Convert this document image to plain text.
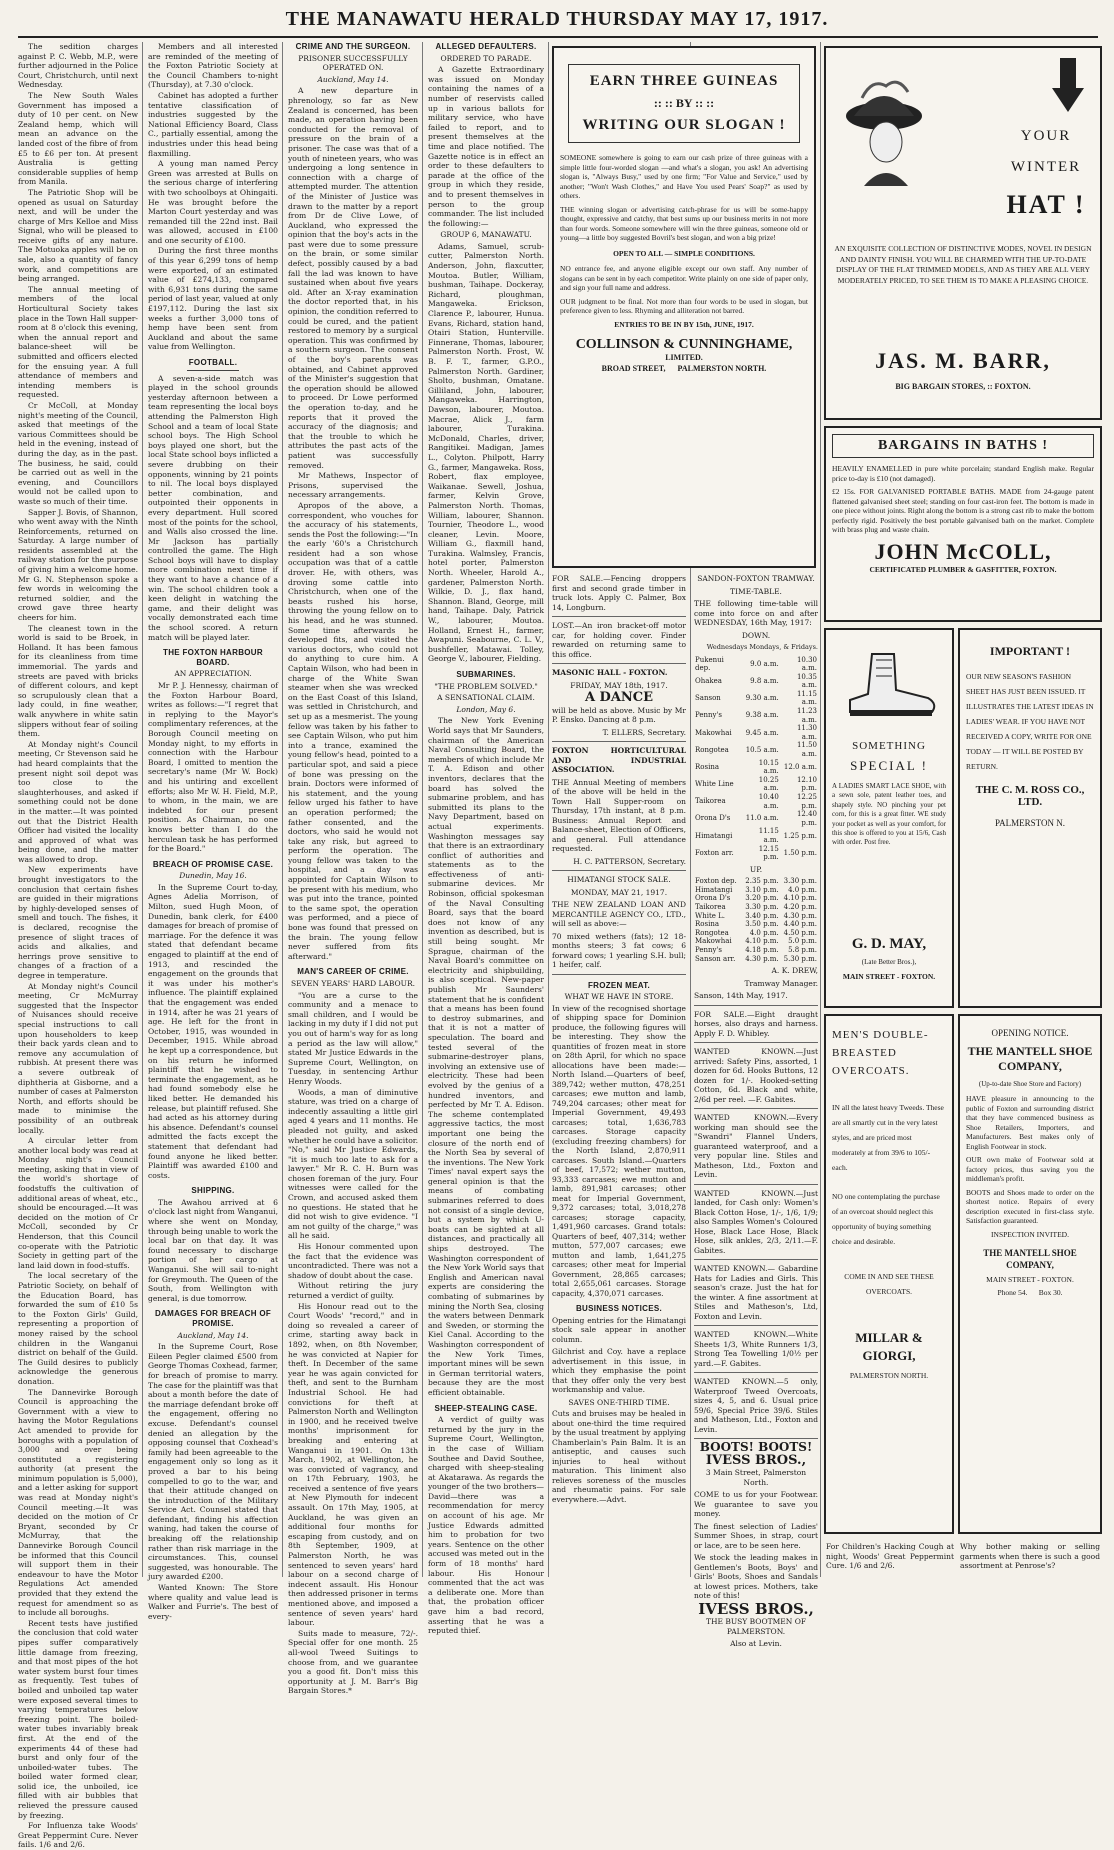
THE MANAWATU HERALD THURSDAY MAY 17, 1917.

The sedition charges against P. C. Webb, M.P., were further adjourned in the Police Court, Christchurch, until next Wednesday.

The New South Wales Government has imposed a duty of 10 per cent. on New Zealand hemp, which will mean an advance on the landed cost of the fibre of from £5 to £6 per ton. At present Australia is getting considerable supplies of hemp from Manila.

The Patriotic Shop will be opened as usual on Saturday next, and will be under the charge of Mrs Kelloe and Miss Signal, who will be pleased to receive gifts of any nature. The Motuoka apples will be on sale, also a quantity of fancy work, and competitions are being arranged.

The annual meeting of members of the local Horticultural Society takes place in the Town Hall supper-room at 8 o'clock this evening, when the annual report and balance-sheet will be submitted and officers elected for the ensuing year. A full attendance of members and intending members is requested.

Cr McColl, at Monday night's meeting of the Council, asked that meetings of the various Committees should be held in the evening, instead of during the day, as in the past. The business, he said, could be carried out as well in the evening, and Councillors would not be called upon to waste so much of their time.

Sapper J. Bovis, of Shannon, who went away with the Ninth Reinforcements, returned on Saturday. A large number of residents assembled at the railway station for the purpose of giving him a welcome home. Mr G. N. Stephenson spoke a few words in welcoming the returned soldier, and the crowd gave three hearty cheers for him.

The cleanest town in the world is said to be Broek, in Holland. It has been famous for its cleanliness from time immemorial. The yards and streets are paved with bricks of different colours, and kept so scrupulously clean that a lady could, in fine weather, walk anywhere in white satin slippers without fear of soiling them.

At Monday night's Council meeting, Cr Stevenson said he had heard complaints that the present night soil depot was too close to the slaughterhouses, and asked if something could not be done in the matter.—It was pointed out that the District Health Officer had visited the locality and approved of what was being done, and the matter was allowed to drop.

New experiments have brought investigators to the conclusion that certain fishes are guided in their migrations by highly-developed senses of smell and touch. The fishes, it is declared, recognise the presence of slight traces of acids and alkalies, and herrings prove sensitive to changes of a fraction of a degree in temperature.

At Monday night's Council meeting, Cr McMurray suggested that the Inspector of Nuisances should receive special instructions to call upon householders to keep their back yards clean and to remove any accumulation of rubbish. At present there was a severe outbreak of diphtheria at Gisborne, and a number of cases at Palmerston North, and efforts should be made to minimise the possibility of an outbreak locally.

A circular letter from another local body was read at Monday night's Council meeting, asking that in view of the world's shortage of foodstuffs the cultivation of additional areas of wheat, etc., should be encouraged.—It was decided on the motion of Cr McColl, seconded by Cr Henderson, that this Council co-operate with the Patriotic Society in getting part of the land laid down in food-stuffs.

The local secretary of the Patriotic Society, on behalf of the Education Board, has forwarded the sum of £10 5s to the Foxton Girls' Guild, representing a proportion of money raised by the school children in the Wanganui district on behalf of the Guild. The Guild desires to publicly acknowledge the generous donation.

The Dannevirke Borough Council is approaching the Government with a view to having the Motor Regulations Act amended to provide for boroughs with a population of 3,000 and over being constituted a registering authority (at present the minimum population is 5,000), and a letter asking for support was read at Monday night's Council meeting.—It was decided on the motion of Cr Bryant, seconded by Cr McMurray, that the Dannevirke Borough Council be informed that this Council will support them in their endeavour to have the Motor Regulations Act amended provided that they extend the request for amendment so as to include all boroughs.

Recent tests have justified the conclusion that cold water pipes suffer comparatively little damage from freezing, and that most pipes of the hot water system burst four times as frequently. Test tubes of boiled and unboiled tap water were exposed several times to varying temperatures below freezing point. The boiled-water tubes invariably break first. At the end of the experiments 44 of these had burst and only four of the unboiled-water tubes. The boiled water formed clear, solid ice, the unboiled, ice filled with air bubbles that relieved the pressure caused by freezing.

For Influenza take Woods' Great Peppermint Cure. Never fails. 1/6 and 2/6.

Members and all interested are reminded of the meeting of the Foxton Patriotic Society at the Council Chambers to-night (Thursday), at 7.30 o'clock.

Cabinet has adopted a further tentative classification of industries suggested by the National Efficiency Board, Class C., partially essential, among the industries under this head being flaxmilling.

A young man named Percy Green was arrested at Bulls on the serious charge of interfering with two schoolboys at Ohingaiti. He was brought before the Marton Court yesterday and was remanded till the 22nd inst. Bail was allowed, accused in £100 and one security of £100.

During the first three months of this year 6,299 tons of hemp were exported, of an estimated value of £274,133, compared with 6,931 tons during the same period of last year, valued at only £197,112. During the last six weeks a further 3,000 tons of hemp have been sent from Auckland and about the same value from Wellington.

FOOTBALL.

A seven-a-side match was played in the school grounds yesterday afternoon between a team representing the local boys attending the Palmerston High School and a team of local State school boys. The High School boys played one short, but the local State school boys inflicted a severe drubbing on their opponents, winning by 21 points to nil. The local boys displayed better combination, and outpointed their opponents in every department. Hull scored most of the points for the school, and Walls also crossed the line. Mr Jackson has partially controlled the game. The High School boys will have to display more combination next time if they want to have a chance of a win. The school children took a keen delight in watching the game, and their delight was vocally demonstrated each time the school scored. A return match will be played later.

THE FOXTON HARBOUR BOARD.
AN APPRECIATION.

Mr P. J. Hennessy, chairman of the Foxton Harbour Board, writes as follows:—"I regret that in replying to the Mayor's complimentary references, at the Borough Council meeting on Monday night, to my efforts in connection with the Harbour Board, I omitted to mention the secretary's name (Mr W. Bock) and his untiring and excellent efforts; also Mr W. H. Field, M.P., to whom, in the main, we are indebted for our present position. As Chairman, no one knows better than I do the herculean task he has performed for the Board."

BREACH OF PROMISE CASE.
Dunedin, May 16.

In the Supreme Court to-day, Agnes Adelia Morrison, of Milton, sued Hugh Moon, of Dunedin, bank clerk, for £400 damages for breach of promise of marriage. For the defence it was stated that defendant became engaged to plaintiff at the end of 1913, and rescinded the engagement on the grounds that it was under his mother's influence. The plaintiff explained that the engagement was ended in 1914, after he was 21 years of age. He left for the front in October, 1915, was wounded in December, 1915. While abroad he kept up a correspondence, but on his return he informed plaintiff that he wished to terminate the engagement, as he had found somebody else he liked better. He demanded his release, but plaintiff refused. She had acted as his attorney during his absence. Defendant's counsel admitted the facts except the statement that defendant had found anyone he liked better. Plaintiff was awarded £100 and costs.

SHIPPING.

The Awahou arrived at 6 o'clock last night from Wanganui, where she went on Monday, through being unable to work the local bar on that day. It was found necessary to discharge portion of her cargo at Wanganui. She will sail to-night for Greymouth. The Queen of the South, from Wellington with general, is due tomorrow.

DAMAGES FOR BREACH OF PROMISE.
Auckland, May 14.

In the Supreme Court, Rose Eileen Pegler claimed £500 from George Thomas Coxhead, farmer, for breach of promise to marry. The case for the plaintiff was that about a month before the date of the marriage defendant broke off the engagement, offering no excuse. Defendant's counsel denied an allegation by the opposing counsel that Coxhead's family had been agreeable to the engagement only so long as it proved a bar to his being compelled to go to the war, and that their attitude changed on the introduction of the Military Service Act. Counsel stated that defendant, finding his affection waning, had taken the course of breaking off the relationship rather than risk marriage in the circumstances. This, counsel suggested, was honourable. The jury awarded £200.

Wanted Known: The Store where quality and value lead is Walker and Furrie's. The best of every-

CRIME AND THE SURGEON.
PRISONER SUCCESSFULLY OPERATED ON.
Auckland, May 14.

A new departure in phrenology, so far as New Zealand is concerned, has been made, an operation having been conducted for the removal of pressure on the brain of a prisoner. The case was that of a youth of nineteen years, who was undergoing a long sentence in connection with a charge of attempted murder. The attention of the Minister of Justice was drawn to the matter by a report from Dr de Clive Lowe, of Auckland, who expressed the opinion that the boy's acts in the past were due to some pressure on the brain, or some similar defect, possibly caused by a bad fall the lad was known to have sustained when about five years old. After an X-ray examination the doctor reported that, in his opinion, the condition referred to could be cured, and the patient restored to memory by a surgical operation. This was confirmed by a southern surgeon. The consent of the boy's parents was obtained, and Cabinet approved of the Minister's suggestion that the operation should be allowed to proceed. Dr Lowe performed the operation to-day, and he reports that it proved the accuracy of the diagnosis; and that the trouble to which he attributes the past acts of the patient was successfully removed.

Mr Mathews, Inspector of Prisons, supervised the necessary arrangements.

Apropos of the above, a correspondent, who vouches for the accuracy of his statements, sends the Post the following:—"In the early '60's a Christchurch resident had a son whose occupation was that of a cattle drover. He, with others, was droving some cattle into Christchurch, when one of the beasts rushed his horse, throwing the young fellow on to his head, and he was stunned. Some time afterwards he developed fits, and visited the various doctors, who could not do anything to cure him. A Captain Wilson, who had been in charge of the White Swan steamer when she was wrecked on the East Coast of this Island, was settled in Christchurch, and set up as a mesmerist. The young fellow was taken by his father to see Captain Wilson, who put him into a trance, examined the young fellow's head, pointed to a particular spot, and said a piece of bone was pressing on the brain. Doctors were informed of his statement, and the young fellow urged his father to have an operation performed; the father consented, and the doctors, who said he would not take any risk, but agreed to perform the operation. The young fellow was taken to the hospital, and a day was appointed for Captain Wilson to be present with his medium, who was put into the trance, pointed to the same spot, the operation was performed, and a piece of bone was found that pressed on the brain. The young fellow never suffered from fits afterward."

MAN'S CAREER OF CRIME.
SEVEN YEARS' HARD LABOUR.

"You are a curse to the community and a menace to small children, and I would be lacking in my duty if I did not put you out of harm's way for as long a period as the law will allow," stated Mr Justice Edwards in the Supreme Court, Wellington, on Tuesday, in sentencing Arthur Henry Woods.

Woods, a man of diminutive stature, was tried on a charge of indecently assaulting a little girl aged 4 years and 11 months. He pleaded not guilty, and asked whether he could have a solicitor. "No," said Mr Justice Edwards, "it is much too late to ask for a lawyer." Mr R. C. H. Burn was chosen foreman of the jury. Four witnesses were called for the Crown, and accused asked them no questions. He stated that he did not wish to give evidence. "I am not guilty of the charge," was all he said.

His Honour commented upon the fact that the evidence was uncontradicted. There was not a shadow of doubt about the case.

Without retiring the jury returned a verdict of guilty.

His Honour read out to the Court Woods' "record," and in doing so revealed a career of crime, starting away back in 1892, when, on 8th November, he was convicted at Napier for theft. In December of the same year he was again convicted for theft, and sent to the Burnham Industrial School. He had convictions for theft at Palmerston North and Wellington in 1900, and he received twelve months' imprisonment for breaking and entering at Wanganui in 1901. On 13th March, 1902, at Wellington, he was convicted of vagrancy, and on 17th February, 1903, he received a sentence of five years at New Plymouth for indecent assault. On 17th May, 1905, at Auckland, he was given an additional four months for escaping from custody, and on 8th September, 1909, at Palmerston North, he was sentenced to seven years' hard labour on a second charge of indecent assault. His Honour then addressed prisoner in terms mentioned above, and imposed a sentence of seven years' hard labour.

Suits made to measure, 72/-. Special offer for one month. 25 all-wool Tweed Suitings to choose from, and we guarantee you a good fit. Don't miss this opportunity at J. M. Barr's Big Bargain Stores.*

ALLEGED DEFAULTERS.
ORDERED TO PARADE.

A Gazette Extraordinary was issued on Monday containing the names of a number of reservists called up in various ballots for military service, who have failed to report, and to present themselves at the time and place notified. The Gazette notice is in effect an order to these defaulters to parade at the office of the group in which they reside, and to present themselves in person to the group commander. The list included the following:—

GROUP 6, MANAWATU.

Adams, Samuel, scrub-cutter, Palmerston North. Anderson, John, flaxcutter, Moutoa. Butler, William, bushman, Taihape. Dockeray, Richard, ploughman, Mangaweka. Erickson, Clarence P., labourer, Hunua. Evans, Richard, station hand, Otairi Station, Hunterville. Finnerane, Thomas, labourer, Palmerston North. Frost, W. B. F. T., farmer, G.P.O., Palmerston North. Gardiner, Sholto, bushman, Omatane. Gilliland, John, labourer, Mangaweka. Harrington, Dawson, labourer, Moutoa. Macrae, Alick J., farm labourer, Turakina. McDonald, Charles, driver, Rangitikei. Madigan, James L., Colyton. Philpott, Harry G., farmer, Mangaweka. Ross, Robert, flax employee, Waikanae. Sewell, Joshua, farmer, Kelvin Grove, Palmerston North. Thomas, William, labourer, Shannon. Tournier, Theodore L., wood cleaner, Levin. Moore, William G., flaxmill hand, Turakina. Walmsley, Francis, hotel porter, Palmerston North. Wheeler, Harold A., gardener, Palmerston North. Wilkie, D. J., flax hand, Shannon. Bland, George, mill hand, Taihape. Daly, Patrick W., labourer, Moutoa. Holland, Ernest H., farmer, Awapuni. Seabourne, C. L. V., bushfeller, Matawai. Tolley, George V., labourer, Fielding.

SUBMARINES.
"THE PROBLEM SOLVED."
A SENSATIONAL CLAIM.
London, May 6.

The New York Evening World says that Mr Saunders, chairman of the American Naval Consulting Board, the members of which include Mr T. A. Edison and other inventors, declares that the board has solved the submarine problem, and has submitted its plans to the Navy Department, based on actual experiments. Washington messages say that there is an extraordinary conflict of authorities and statements as to the effectiveness of anti-submarine devices. Mr Robinson, official spokesman of the Naval Consulting Board, says that the board does not know of any invention as described, but is still being sought. Mr Sprague, chairman of the Naval Board's committee on electricity and shipbuilding, is also sceptical. New-paper publish Mr Saunders' statement that he is confident that a means has been found to destroy submarines, and that it is not a matter of speculation. The board and tested several of the submarine-destroyer plans, involving an extensive use of electricity. These had been evolved by the genius of a hundred inventors, and perfected by Mr T. A. Edison. The scheme contemplated aggressive tactics, the most important one being the closure of the north end of the North Sea by several of the inventions. The New York Times' naval expert says the general opinion is that the means of combating submarines referred to does not consist of a single device, but a system by which U-boats can be sighted at all distances, and practically all ships destroyed. The Washington correspondent of the New York World says that English and American naval experts are considering the combating of submarines by mining the North Sea, closing the waters between Denmark and Sweden, or storming the Kiel Canal. According to the Washington correspondent of the New York Times, important mines will be sewn in German territorial waters, because they are the most efficient obtainable.

SHEEP-STEALING CASE.

A verdict of guilty was returned by the jury in the Supreme Court, Wellington, in the case of William Southee and David Southee, charged with sheep-stealing at Akatarawa. As regards the younger of the two brothers—David—there was a recommendation for mercy on account of his age. Mr Justice Edwards admitted him to probation for two years. Sentence on the other accused was meted out in the form of 18 months' hard labour. His Honour commented that the act was a deliberate one. More than that, the probation officer gave him a bad record, asserting that he was a reputed thief.

EARN THREE GUINEAS
:: :: BY :: ::
WRITING OUR SLOGAN !

SOMEONE somewhere is going to earn our cash prize of three guineas with a simple little four-worded slogan —and what's a slogan, you ask! An advertising slogan is, "Always Busy," used by one firm; "For Value and Service," used by another; "Won't Wash Clothes," and Have You used Pears' Soap?" as used by others.

THE winning slogan or advertising catch-phrase for us will be some-happy thought, expressive and catchy, that best sums up our business merits in not more than four words. Someone somewhere will win the three guineas, someone old or young—a little boy suggested Bovril's best slogan, and won a big prize!

OPEN TO ALL — SIMPLE CONDITIONS.

NO entrance fee, and anyone eligible except our own staff. Any number of slogans can be sent in by each competitor. Write plainly on one side of paper only, and sign your full name and address.

OUR judgment to be final. Not more than four words to be used in slogan, but preference given to less. Rhyming and alliteration not barred.

ENTRIES TO BE IN BY 15th, JUNE, 1917.

COLLINSON & CUNNINGHAME,
LIMITED.
BROAD STREET,      PALMERSTON NORTH.

FOR SALE.—Fencing droppers first and second grade timber in truck lots. Apply C. Palmer, Box 14, Longburn.

LOST.—An iron bracket-off motor car, for holding cover. Finder rewarded on returning same to this office.

MASONIC HALL - FOXTON.

FRIDAY, MAY 18th, 1917.

A DANCE

will be held as above. Music by Mr P. Ensko. Dancing at 8 p.m.

T. ELLERS, Secretary.

FOXTON HORTICULTURAL AND INDUSTRIAL ASSOCIATION.

THE Annual Meeting of members of the above will be held in the Town Hall Supper-room on Thursday, 17th instant, at 8 p.m. Business: Annual Report and Balance-sheet, Election of Officers, and general. Full attendance requested.

H. C. PATTERSON, Secretary.

HIMATANGI STOCK SALE.

MONDAY, MAY 21, 1917.

THE NEW ZEALAND LOAN AND MERCANTILE AGENCY CO., LTD., will sell as above:—

70 mixed wethers (fats); 12 18-months steers; 3 fat cows; 6 forward cows; 1 yearling S.H. bull; 1 heifer, calf.

FROZEN MEAT.
WHAT WE HAVE IN STORE.

In view of the recognised shortage of shipping space for Dominion produce, the following figures will be interesting. They show the quantities of frozen meat in store on 28th April, for which no space allocations have been made:— North Island.—Quarters of beef, 389,742; wether mutton, 478,251 carcases; ewe mutton and lamb, 749,204 carcases; other meat for Imperial Government, 49,493 carcases; total, 1,636,783 carcases. Storage capacity (excluding freezing chambers) for the North Island, 2,870,911 carcases. South Island.—Quarters of beef, 17,572; wether mutton, 93,333 carcases; ewe mutton and lamb, 891,981 carcases; other meat for Imperial Government, 9,372 carcases; total, 3,018,278 carcases; storage capacity, 1,491,960 carcases. Grand totals: Quarters of beef, 407,314; wether mutton, 577,007 carcases; ewe mutton and lamb, 1,641,275 carcases; other meat for Imperial Government, 28,865 carcases; total 2,655,061 carcases. Storage capacity, 4,370,071 carcases.

BUSINESS NOTICES.

Opening entries for the Himatangi stock sale appear in another column.

Gilchrist and Coy. have a replace advertisement in this issue, in which they emphasise the point that they offer only the very best workmanship and value.

SAVES ONE-THIRD TIME.

Cuts and bruises may be healed in about one-third the time required by the usual treatment by applying Chamberlain's Pain Balm. It is an antiseptic, and causes such injuries to heal without maturation. This liniment also relieves soreness of the muscles and rheumatic pains. For sale everywhere.—Advt.

SANDON-FOXTON TRAMWAY.

TIME-TABLE.

THE following time-table will come into force on and after WEDNESDAY, 16th May, 1917:

DOWN.

Wednesdays Mondays, & Fridays.

Pukenui dep.	9.0 a.m.	10.30 a.m.
Ohakea	9.8 a.m.	10.35 a.m.
Sanson	9.30 a.m.	11.15 a.m.
Penny's	9.38 a.m.	11.23 a.m.
Makowhai	9.45 a.m.	11.30 a.m.
Rongotea	10.5 a.m.	11.50 a.m.
Rosina	10.15 a.m.	12.0 a.m.
White Line	10.25 a.m.	12.10 p.m.
Taikorea	10.40 a.m.	12.25 p.m.
Orona D's	11.0 a.m.	12.40 p.m.
Himatangi	11.15 a.m.	1.25 p.m.
Foxton arr.	12.15 p.m.	1.50 p.m.

UP.

Foxton dep.	2.35 p.m.	3.30 p.m.
Himatangi	3.10 p.m.	4.0 p.m.
Orona D's	3.20 p.m.	4.10 p.m.
Taikorea	3.30 p.m.	4.20 p.m.
White L.	3.40 p.m.	4.30 p.m.
Rosina	3.50 p.m.	4.40 p.m.
Rongotea	4.0 p.m.	4.50 p.m.
Makowhai	4.10 p.m.	5.0 p.m.
Penny's	4.18 p.m.	5.8 p.m.
Sanson arr.	4.30 p.m.	5.30 p.m.

A. K. DREW,

Tramway Manager.

Sanson, 14th May, 1917.

FOR SALE.—Eight draught horses, also drays and harness. Apply F. D. Whibley.

WANTED KNOWN.—Just arrived: Safety Pins, assorted, 1 dozen for 6d. Hooks Buttons, 12 dozen for 1/-. Hooked-setting Cotton, 6d. Black and white, 2/6d per reel. —F. Gabites.

WANTED KNOWN.—Every working man should see the "Swandri" Flannel Unders, guaranteed waterproof, and a very popular line. Stiles and Matheson, Ltd., Foxton and Levin.

WANTED KNOWN.—Just landed, for Cash only: Women's Black Cotton Hose, 1/-, 1/6, 1/9; also Samples Women's Coloured Hose, Black Lace Hose, Black Hose, silk ankles, 2/3, 2/11.—F. Gabites.

WANTED KNOWN.— Gabardine Hats for Ladies and Girls. This season's craze. Just the hat for the winter. A fine assortment at Stiles and Matheson's, Ltd, Foxton and Levin.

WANTED KNOWN.—White Sheets 1/3, White Runners 1/3, Strong Tea Towelling 1/0½ per yard.—F. Gabites.

WANTED KNOWN.—5 only, Waterproof Tweed Overcoats, sizes 4, 5, and 6. Usual price 59/6, Special Price 39/6. Stiles and Matheson, Ltd., Foxton and Levin.

BOOTS! BOOTS!

IVESS BROS.,

3 Main Street, Palmerston North.

COME to us for your Footwear. We guarantee to save you money.

The finest selection of Ladies' Summer Shoes, in strap, court or lace, are to be seen here.

We stock the leading makes in Gentlemen's Boots, Boys' and Girls' Boots, Shoes and Sandals at lowest prices. Mothers, take note of this!

IVESS BROS.,

THE BUSY BOOTMEN OF PALMERSTON.

Also at Levin.

YOUR
WINTER
HAT !

AN EXQUISITE COLLECTION OF DISTINCTIVE MODES, NOVEL IN DESIGN AND DAINTY FINISH. YOU WILL BE CHARMED WITH THE UP-TO-DATE DISPLAY OF THE FLAT TRIMMED MODELS, AND AS THEY ARE ALL VERY MODERATELY PRICED, TO SEE THEM IS TO MAKE A PLEASING CHOICE.

JAS. M. BARR,
BIG BARGAIN STORES, :: FOXTON.
BARGAINS IN BATHS !

HEAVILY ENAMELLED in pure white porcelain; standard English make. Regular price to-day is £10 (not damaged).

£2 15s. FOR GALVANISED PORTABLE BATHS. MADE from 24-gauge patent flattened galvanised sheet steel; standing on four cast-iron feet. The bottom is made in one piece without joints. Right along the bottom is a strong cast rib to make the bottom perfectly rigid. Positively the best portable galvanised bath on the market. Complete with brass plug and waste chain.

JOHN McCOLL,
CERTIFICATED PLUMBER & GASFITTER, FOXTON.
SOMETHING
SPECIAL !

A LADIES SMART LACE SHOE, with a sewn sole, patent leather toes, and shapely style. NO pinching your pet corn, for this is a great fitter. WE study your pocket as well as your comfort, for this shoe is offered to you at 15/6, Cash with order. Post free.

G. D. MAY,
(Late Better Bros.),
MAIN STREET - FOXTON.
IMPORTANT !

OUR NEW SEASON'S FASHION SHEET HAS JUST BEEN ISSUED. IT ILLUSTRATES THE LATEST IDEAS IN LADIES' WEAR. IF YOU HAVE NOT RECEIVED A COPY, WRITE FOR ONE TODAY — IT WILL BE POSTED BY RETURN.

THE C. M. ROSS CO., LTD.
PALMERSTON N.
MEN'S DOUBLE-BREASTED OVERCOATS.

IN all the latest heavy Tweeds. These are all smartly cut in the very latest styles, and are priced most moderately at from 39/6 to 105/- each.

NO one contemplating the purchase of an overcoat should neglect this opportunity of buying something choice and desirable.

COME IN AND SEE THESE OVERCOATS.

MILLAR & GIORGI,
PALMERSTON NORTH.
OPENING NOTICE.
THE MANTELL SHOE COMPANY,
(Up-to-date Shoe Store and Factory)

HAVE pleasure in announcing to the public of Foxton and surrounding district that they have commenced business as Shoe Retailers, Importers, and Manufacturers. Best makes only of English Footwear in stock.

OUR own make of Footwear sold at factory prices, thus saving you the middleman's profit.

BOOTS and Shoes made to order on the shortest notice. Repairs of every description executed in first-class style. Satisfaction guaranteed.

INSPECTION INVITED.

THE MANTELL SHOE COMPANY,
MAIN STREET - FOXTON.
Phone 54.      Box 30.

For Children's Hacking Cough at night, Woods' Great Peppermint Cure. 1/6 and 2/6.

Why bother making or selling garments when there is such a good assortment at Penrose's?
